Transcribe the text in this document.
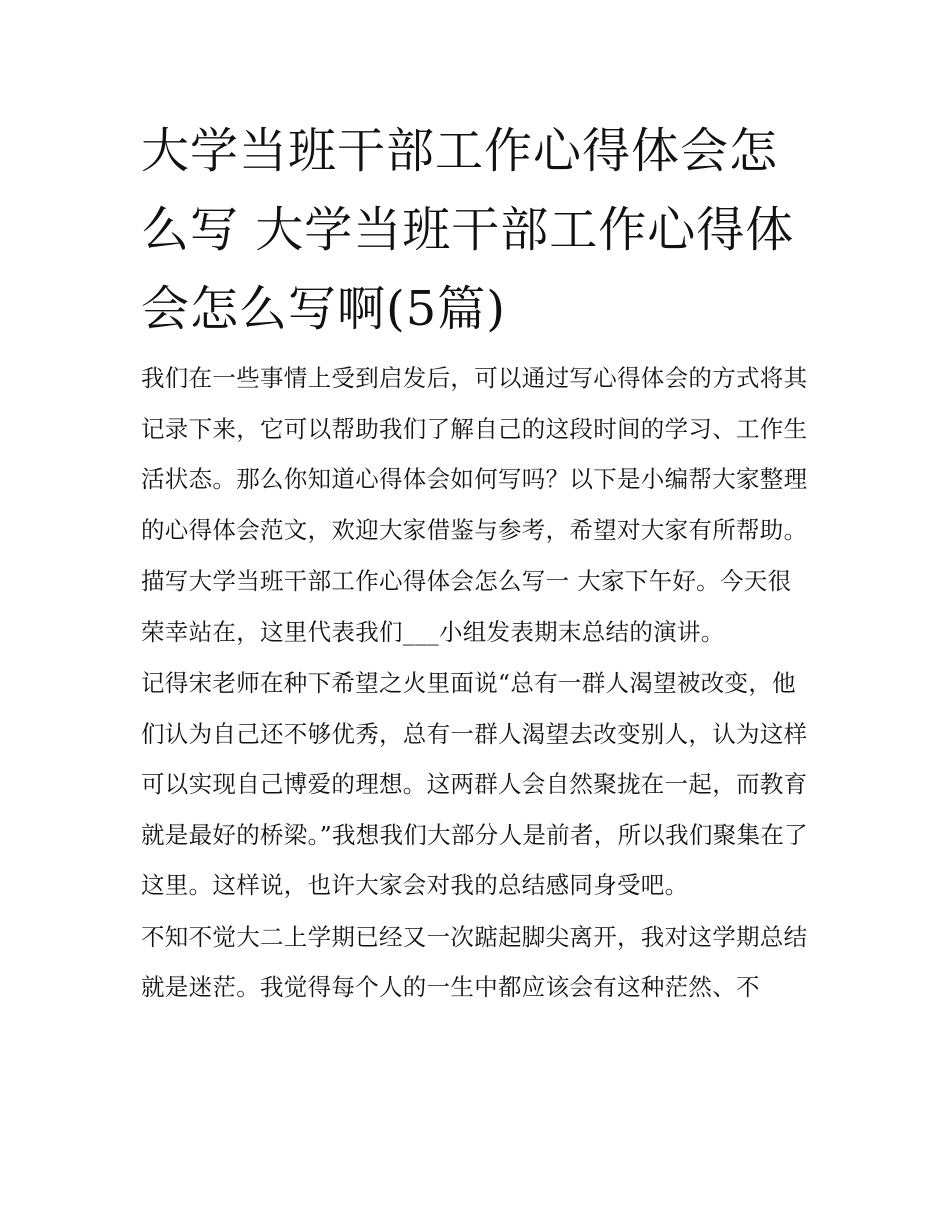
大学当班干部工作心得体会怎么写 大学当班干部工作心得体会怎么写啊(5篇)

我们在一些事情上受到启发后，可以通过写心得体会的方式将其记录下来，它可以帮助我们了解自己的这段时间的学习、工作生活状态。那么你知道心得体会如何写吗？以下是小编帮大家整理的心得体会范文，欢迎大家借鉴与参考，希望对大家有所帮助。

描写大学当班干部工作心得体会怎么写一 大家下午好。今天很荣幸站在，这里代表我们___小组发表期末总结的演讲。

记得宋老师在种下希望之火里面说“总有一群人渴望被改变，他们认为自己还不够优秀，总有一群人渴望去改变别人，认为这样可以实现自己博爱的理想。这两群人会自然聚拢在一起，而教育就是最好的桥梁。”我想我们大部分人是前者，所以我们聚集在了这里。这样说，也许大家会对我的总结感同身受吧。

不知不觉大二上学期已经又一次踮起脚尖离开，我对这学期总结就是迷茫。我觉得每个人的一生中都应该会有这种茫然、不
